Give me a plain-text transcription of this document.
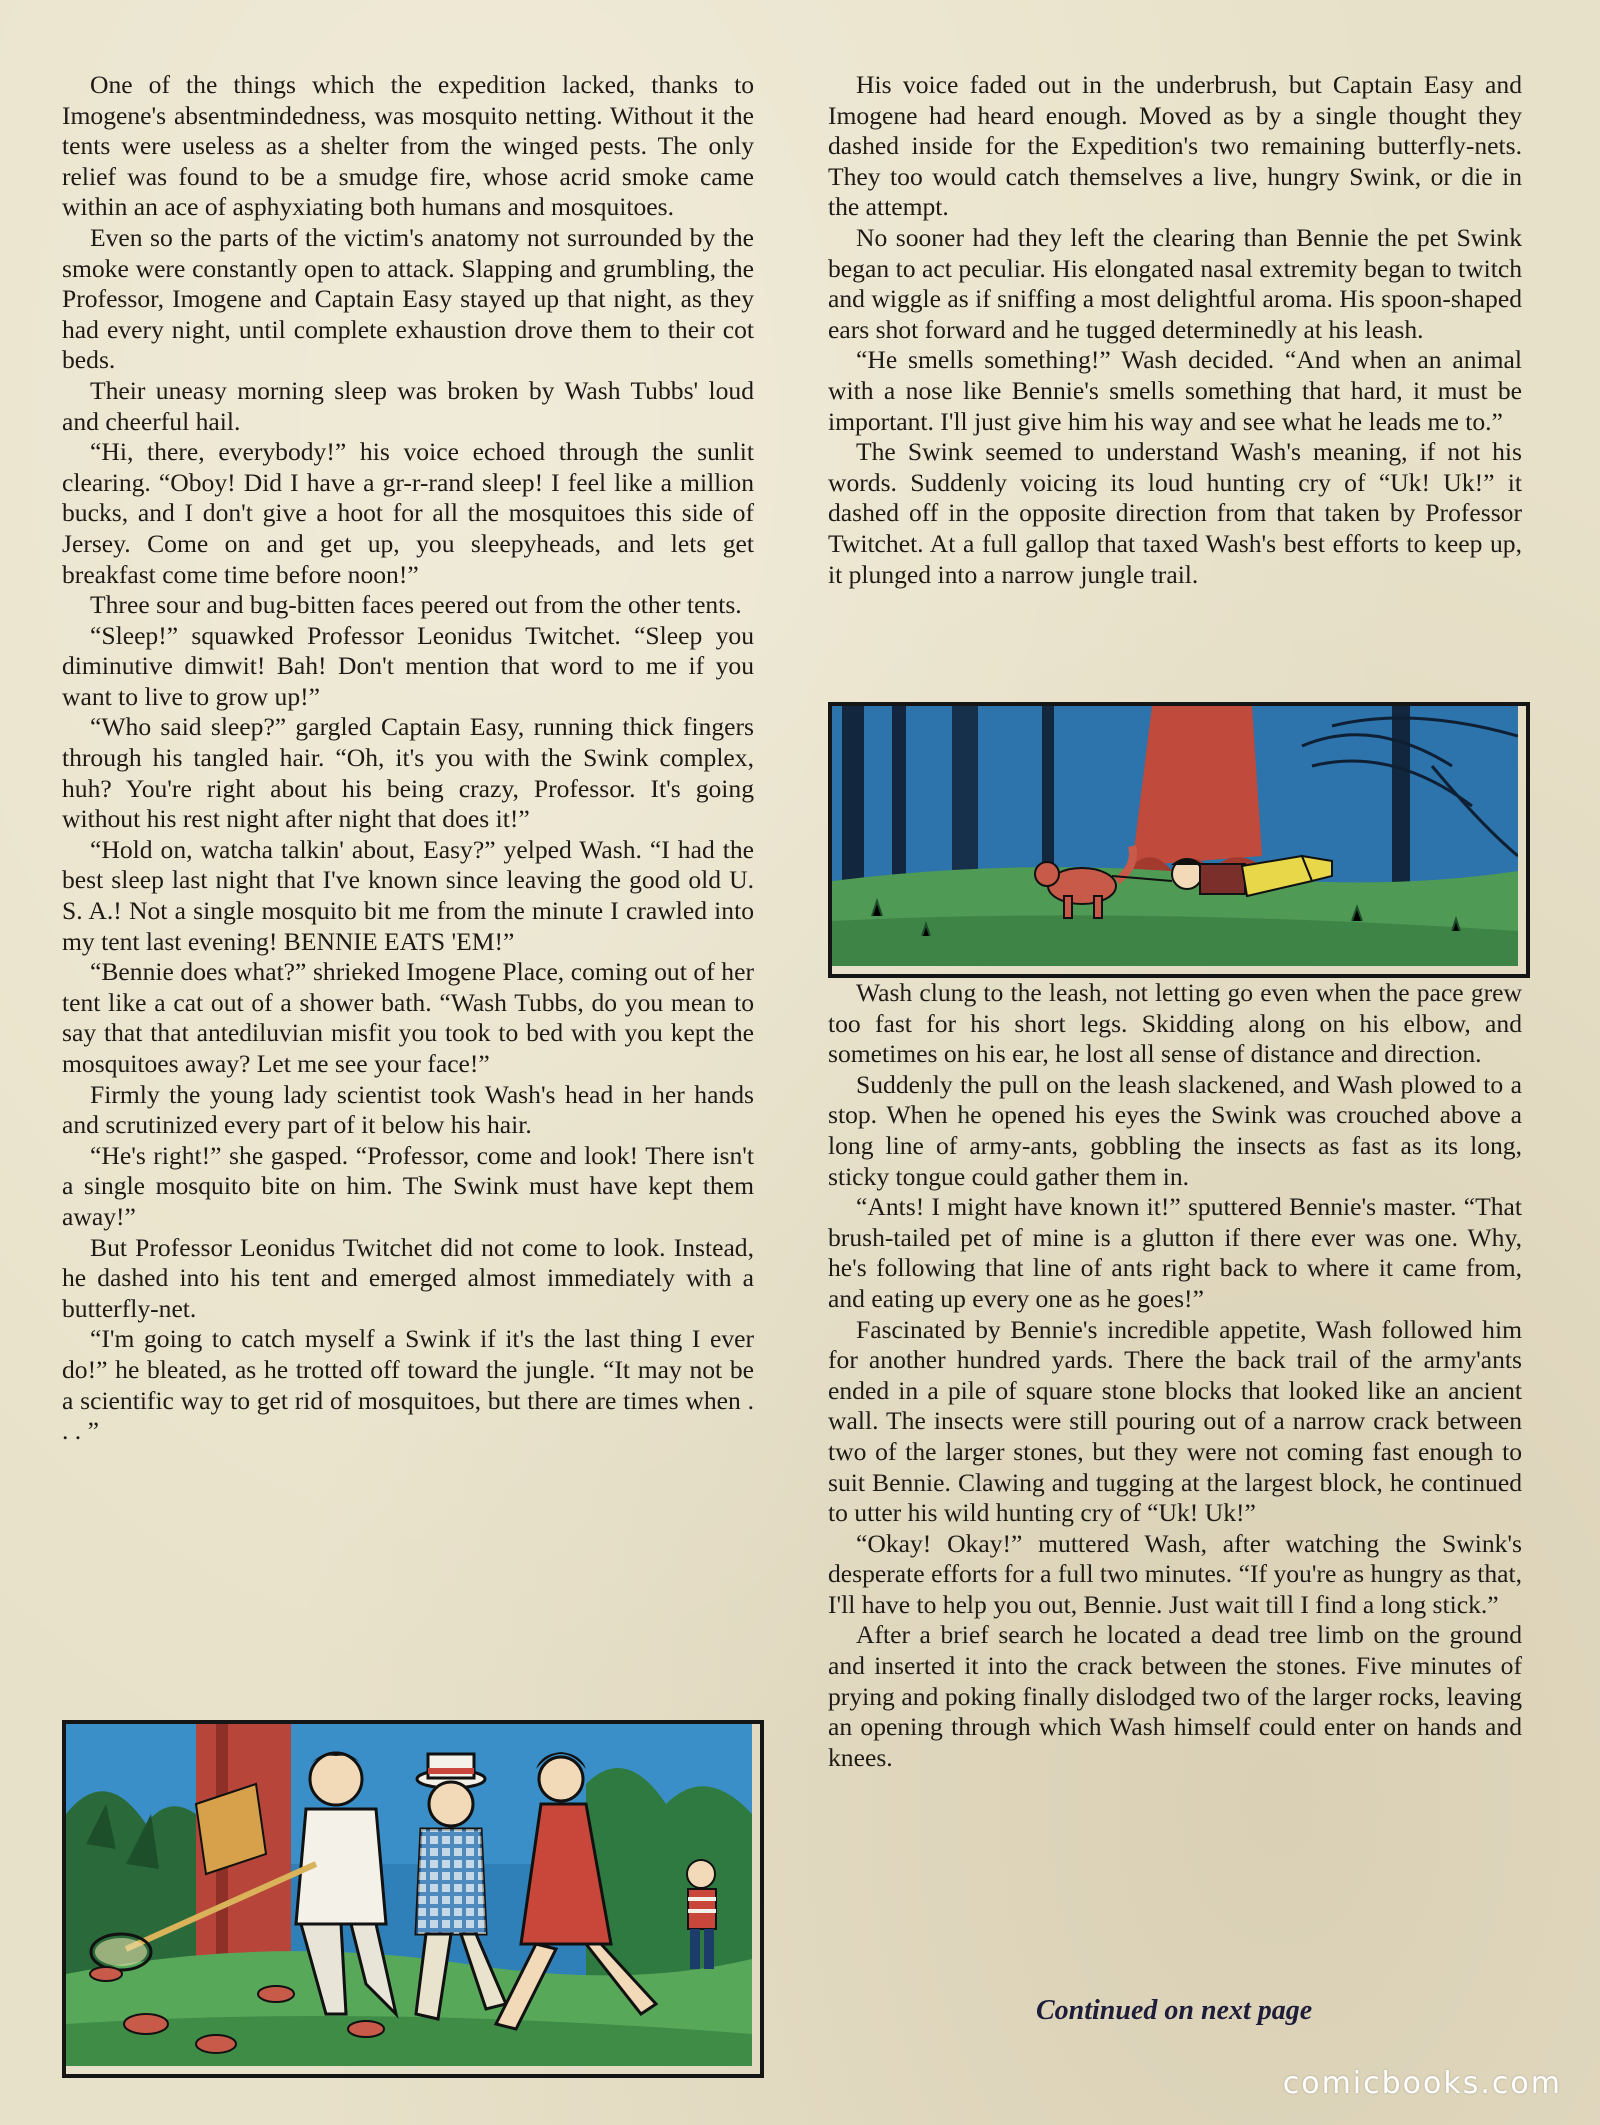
One of the things which the expedition lacked, thanks to Imogene's absentmindedness, was mosquito netting. Without it the tents were useless as a shelter from the winged pests. The only relief was found to be a smudge fire, whose acrid smoke came within an ace of asphyxiating both humans and mosquitoes.

Even so the parts of the victim's anatomy not surrounded by the smoke were constantly open to attack. Slapping and grumbling, the Professor, Imogene and Captain Easy stayed up that night, as they had every night, until complete exhaustion drove them to their cot beds.

Their uneasy morning sleep was broken by Wash Tubbs' loud and cheerful hail.

“Hi, there, everybody!” his voice echoed through the sunlit clearing. “Oboy! Did I have a gr-r-rand sleep! I feel like a million bucks, and I don't give a hoot for all the mosquitoes this side of Jersey. Come on and get up, you sleepyheads, and lets get breakfast come time before noon!”

Three sour and bug-bitten faces peered out from the other tents.

“Sleep!” squawked Professor Leonidus Twitchet. “Sleep you diminutive dimwit! Bah! Don't mention that word to me if you want to live to grow up!”

“Who said sleep?” gargled Captain Easy, running thick fingers through his tangled hair. “Oh, it's you with the Swink complex, huh? You're right about his being crazy, Professor. It's going without his rest night after night that does it!”

“Hold on, watcha talkin' about, Easy?” yelped Wash. “I had the best sleep last night that I've known since leaving the good old U. S. A.! Not a single mosquito bit me from the minute I crawled into my tent last evening! BENNIE EATS 'EM!”

“Bennie does what?” shrieked Imogene Place, coming out of her tent like a cat out of a shower bath. “Wash Tubbs, do you mean to say that that antediluvian misfit you took to bed with you kept the mosquitoes away? Let me see your face!”

Firmly the young lady scientist took Wash's head in her hands and scrutinized every part of it below his hair.

“He's right!” she gasped. “Professor, come and look! There isn't a single mosquito bite on him. The Swink must have kept them away!”

But Professor Leonidus Twitchet did not come to look. Instead, he dashed into his tent and emerged almost immediately with a butterfly-net.

“I'm going to catch myself a Swink if it's the last thing I ever do!” he bleated, as he trotted off toward the jungle. “It may not be a scientific way to get rid of mosquitoes, but there are times when . . . ”

His voice faded out in the underbrush, but Captain Easy and Imogene had heard enough. Moved as by a single thought they dashed inside for the Expedition's two remaining butterfly-nets. They too would catch themselves a live, hungry Swink, or die in the attempt.

No sooner had they left the clearing than Bennie the pet Swink began to act peculiar. His elongated nasal extremity began to twitch and wiggle as if sniffing a most delightful aroma. His spoon-shaped ears shot forward and he tugged determinedly at his leash.

“He smells something!” Wash decided. “And when an animal with a nose like Bennie's smells something that hard, it must be important. I'll just give him his way and see what he leads me to.”

The Swink seemed to understand Wash's meaning, if not his words. Suddenly voicing its loud hunting cry of “Uk! Uk!” it dashed off in the opposite direction from that taken by Professor Twitchet. At a full gallop that taxed Wash's best efforts to keep up, it plunged into a narrow jungle trail.

Wash clung to the leash, not letting go even when the pace grew too fast for his short legs. Skidding along on his elbow, and sometimes on his ear, he lost all sense of distance and direction.

Suddenly the pull on the leash slackened, and Wash plowed to a stop. When he opened his eyes the Swink was crouched above a long line of army-ants, gobbling the insects as fast as its long, sticky tongue could gather them in.

“Ants! I might have known it!” sputtered Bennie's master. “That brush-tailed pet of mine is a glutton if there ever was one. Why, he's following that line of ants right back to where it came from, and eating up every one as he goes!”

Fascinated by Bennie's incredible appetite, Wash followed him for another hundred yards. There the back trail of the army'ants ended in a pile of square stone blocks that looked like an ancient wall. The insects were still pouring out of a narrow crack between two of the larger stones, but they were not coming fast enough to suit Bennie. Clawing and tugging at the largest block, he continued to utter his wild hunting cry of “Uk! Uk!”

“Okay! Okay!” muttered Wash, after watching the Swink's desperate efforts for a full two minutes. “If you're as hungry as that, I'll have to help you out, Bennie. Just wait till I find a long stick.”

After a brief search he located a dead tree limb on the ground and inserted it into the crack between the stones. Five minutes of prying and poking finally dislodged two of the larger rocks, leaving an opening through which Wash himself could enter on hands and knees.

Continued on next page
comicbooks.com
